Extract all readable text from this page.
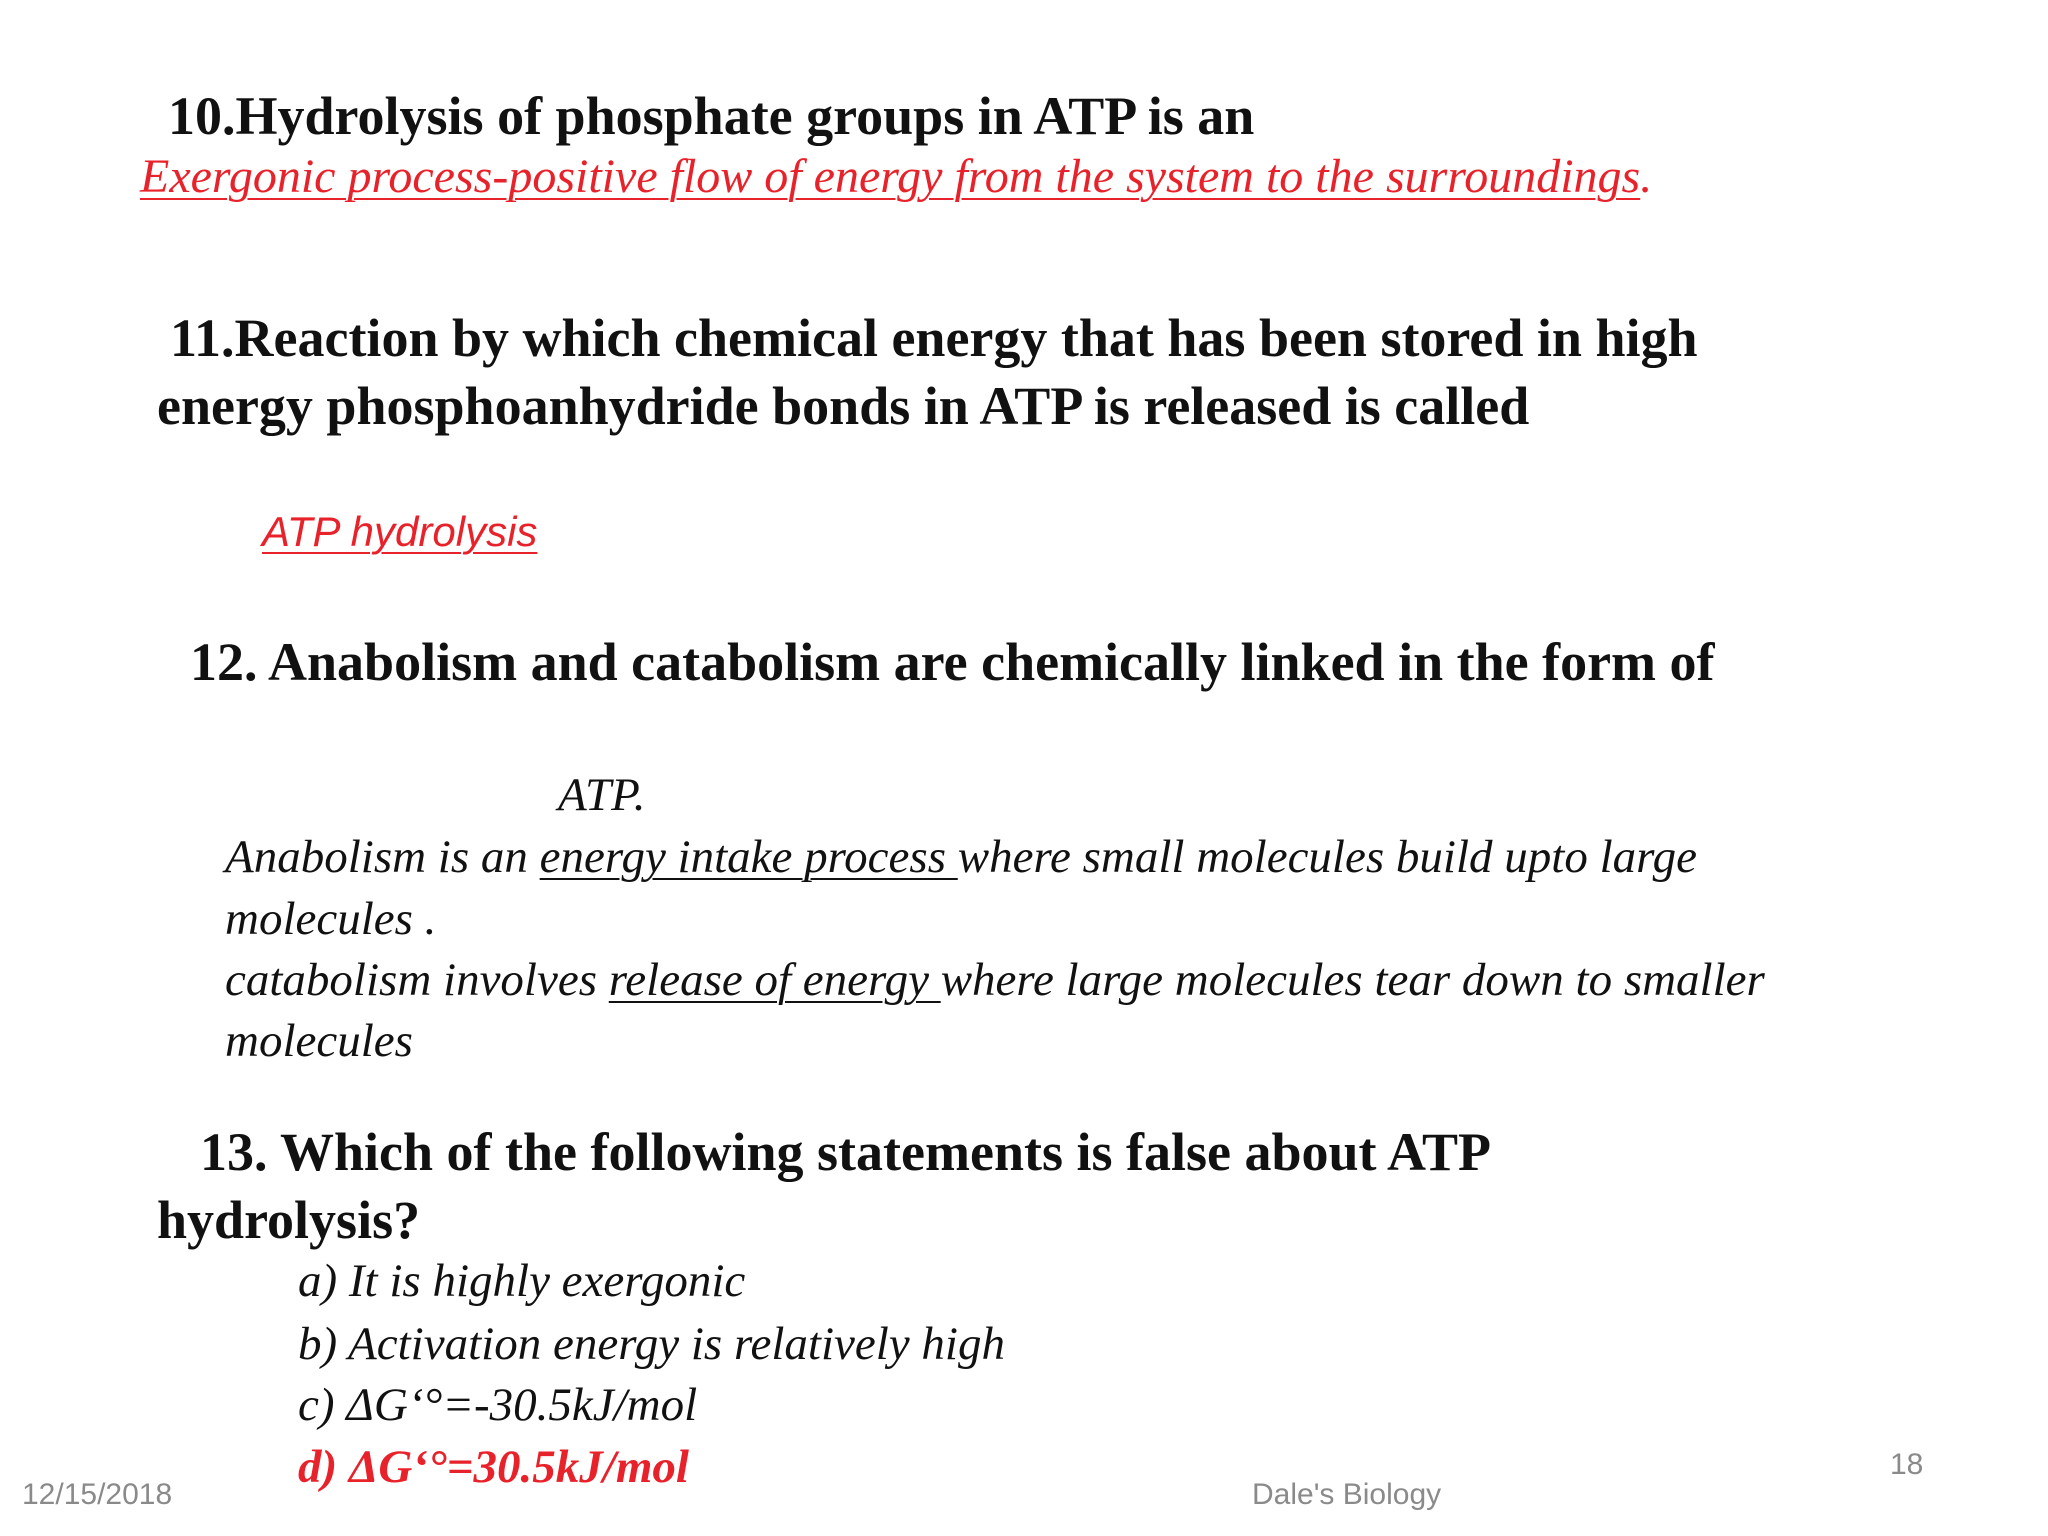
10.Hydrolysis of phosphate groups in ATP is an
Exergonic process-positive flow of energy from the system to the surroundings.
11.Reaction by which chemical energy that has been stored in high
energy phosphoanhydride bonds in ATP is released is called
ATP hydrolysis
12. Anabolism and catabolism are chemically linked in the form of
ATP.
Anabolism is an energy intake process where small molecules build upto large
molecules .
catabolism involves release of energy where large molecules tear down to smaller
molecules
13. Which of the following statements is false about ATP
hydrolysis?
a) It is highly exergonic
b) Activation energy is relatively high
c) ΔG‘°=-30.5kJ/mol
d) ΔG‘°=30.5kJ/mol
12/15/2018	Dale's Biology
18
